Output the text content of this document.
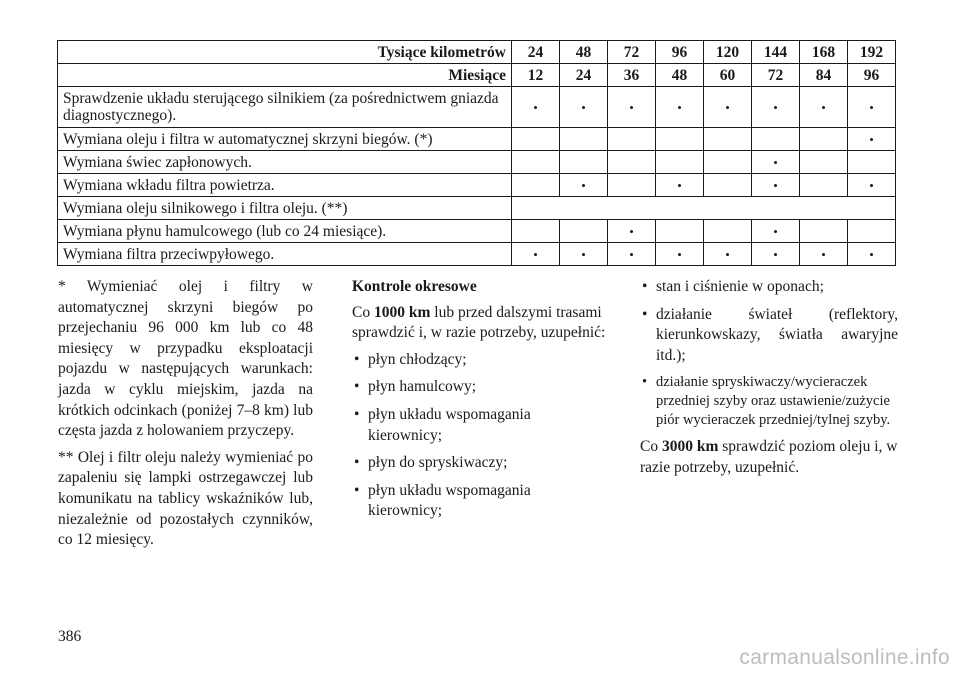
Tysiące kilometrów	24	48	72	96	120	144	168	192
Miesiące	12	24	36	48	60	72	84	96
Sprawdzenie układu sterującego silnikiem (za pośrednictwem gniazda diagnostycznego).	•	•	•	•	•	•	•	•
Wymiana oleju i filtra w automatycznej skrzyni biegów. (*)								•
Wymiana świec zapłonowych.						•		
Wymiana wkładu filtra powietrza.		•		•		•		•
Wymiana oleju silnikowego i filtra oleju. (**)								
Wymiana płynu hamulcowego (lub co 24 miesiące).			•			•		
Wymiana filtra przeciwpyłowego.	•	•	•	•	•	•	•	•

* Wymieniać olej i filtry w automatycznej skrzyni biegów po przejechaniu 96 000 km lub co 48 miesięcy w przypadku eksploatacji pojazdu w następujących warunkach: jazda w cyklu miejskim, jazda na krótkich odcinkach (poniżej 7–8 km) lub częsta jazda z holowaniem przyczepy.

** Olej i filtr oleju należy wymieniać po zapaleniu się lampki ostrzegawczej lub komunikatu na tablicy wskaźników lub, niezależnie od pozostałych czynników, co 12 miesięcy.

Kontrole okresowe

Co 1000 km lub przed dalszymi trasami sprawdzić i, w razie potrzeby, uzupełnić:

• płyn chłodzący;
• płyn hamulcowy;
• płyn układu wspomagania kierownicy;
• płyn do spryskiwaczy;
• płyn układu wspomagania kierownicy;
• stan i ciśnienie w oponach;
• działanie świateł (reflektory, kierunkowskazy, światła awaryjne itd.);
• działanie spryskiwaczy/wycieraczek przedniej szyby oraz ustawienie/zużycie piór wycieraczek przedniej/tylnej szyby.

Co 3000 km sprawdzić poziom oleju i, w razie potrzeby, uzupełnić.

386
carmanualsonline.info
